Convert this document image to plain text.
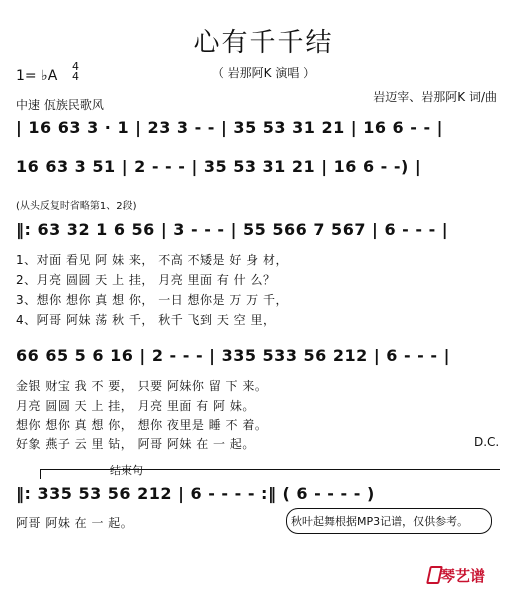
心有千千结
（ 岩那阿K 演唱 ）
1= ♭A
4
4
中速 佤族民歌风
岩迈宰、岩那阿K 词/曲
| 16 63 3 · 1 | 23 3 - - | 35 53 31 21 | 16 6 - - |
16 63 3 51 | 2 - - - | 35 53 31 21 | 16 6 - -) |
(从头反复时省略第1、2段)
‖: 63 32 1 6 56 | 3 - - - | 55 566 7 567 | 6 - - - |
1、对面 看见 阿 妹 来， 不高 不矮是 好 身 材，
2、月亮 圆圆 天 上 挂， 月亮 里面 有 什 么？
3、想你 想你 真 想 你， 一日 想你是 万 万 千，
4、阿哥 阿妹 荡 秋 千， 秋千 飞到 天 空 里，
66 65 5 6 16 | 2 - - - | 335 533 56 212 | 6 - - - |
金银 财宝 我 不 要， 只要 阿妹你 留 下 来。
月亮 圆圆 天 上 挂， 月亮 里面 有 阿 妹。
想你 想你 真 想 你， 想你 夜里是 睡 不 着。
好象 燕子 云 里 钻， 阿哥 阿妹 在 一 起。	D.C.
结束句
‖: 335 53 56 212 | 6 - - - - :‖ ( 6 - - - - )
阿哥 阿妹 在 一 起。	秋叶起舞根据MP3记谱，仅供参考。
琴艺谱
